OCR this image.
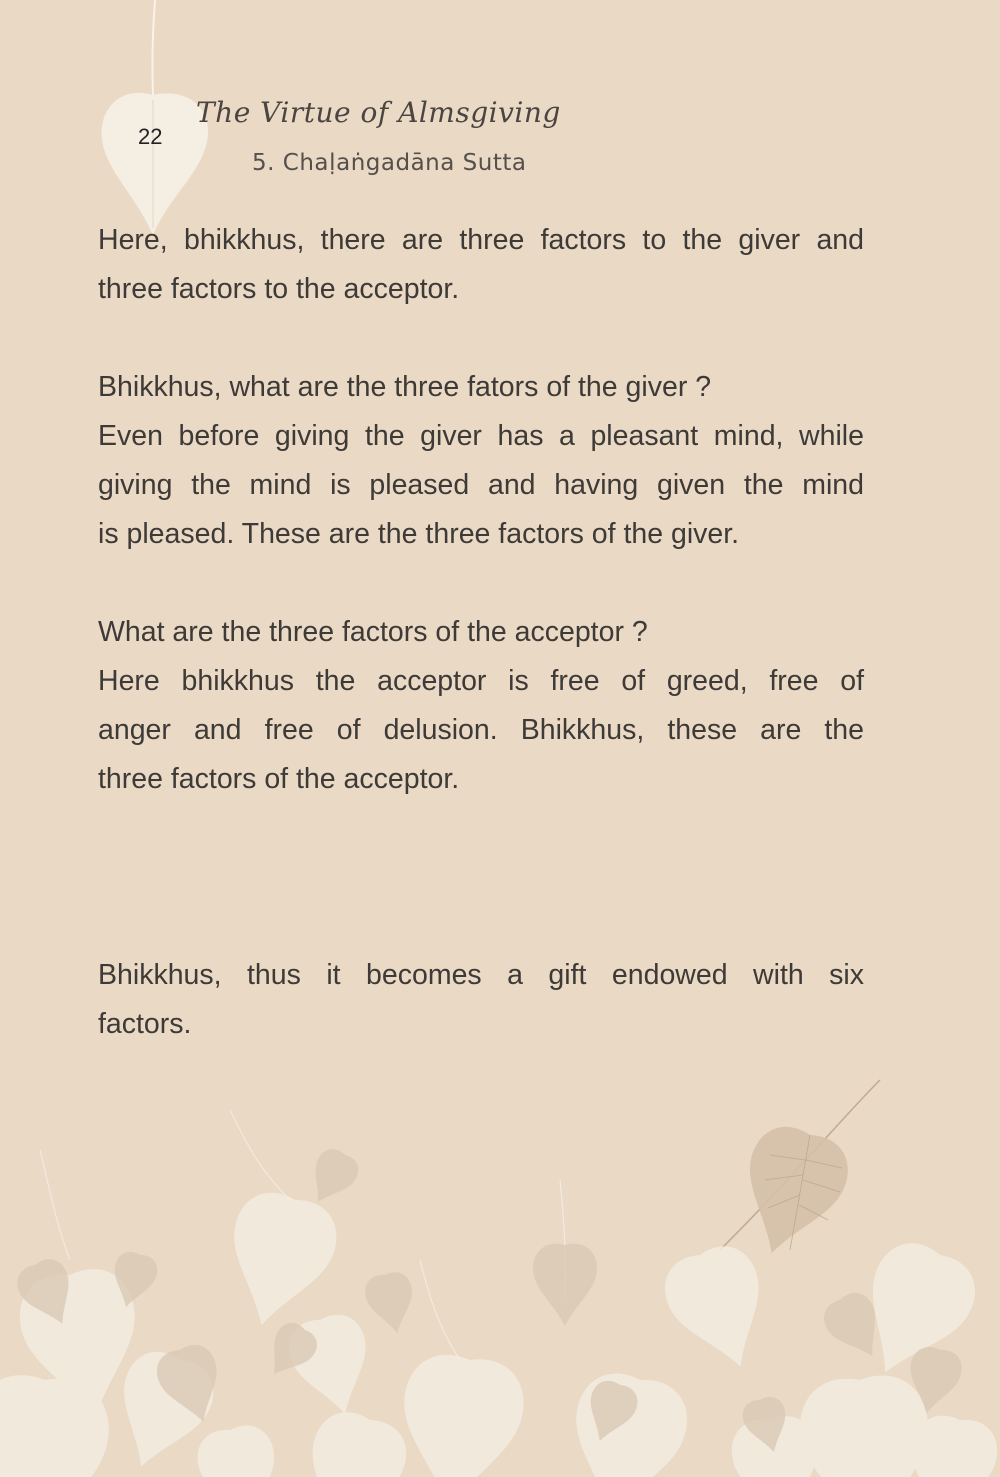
22
The Virtue of Almsgiving
5. Chaḷaṅgadāna Sutta

Here, bhikkhus, there are three factors to the giver and
three factors to the acceptor.

Bhikkhus, what are the three fators of the giver ?
Even before giving the giver has a pleasant mind, while
giving the mind is pleased and having given the mind
is pleased. These are the three factors of the giver.

What are the three factors of the acceptor ?
Here bhikkhus the acceptor is free of greed, free of
anger and free of delusion. Bhikkhus, these are the
three factors of the acceptor.

Bhikkhus, thus it becomes a gift endowed with six
factors.
